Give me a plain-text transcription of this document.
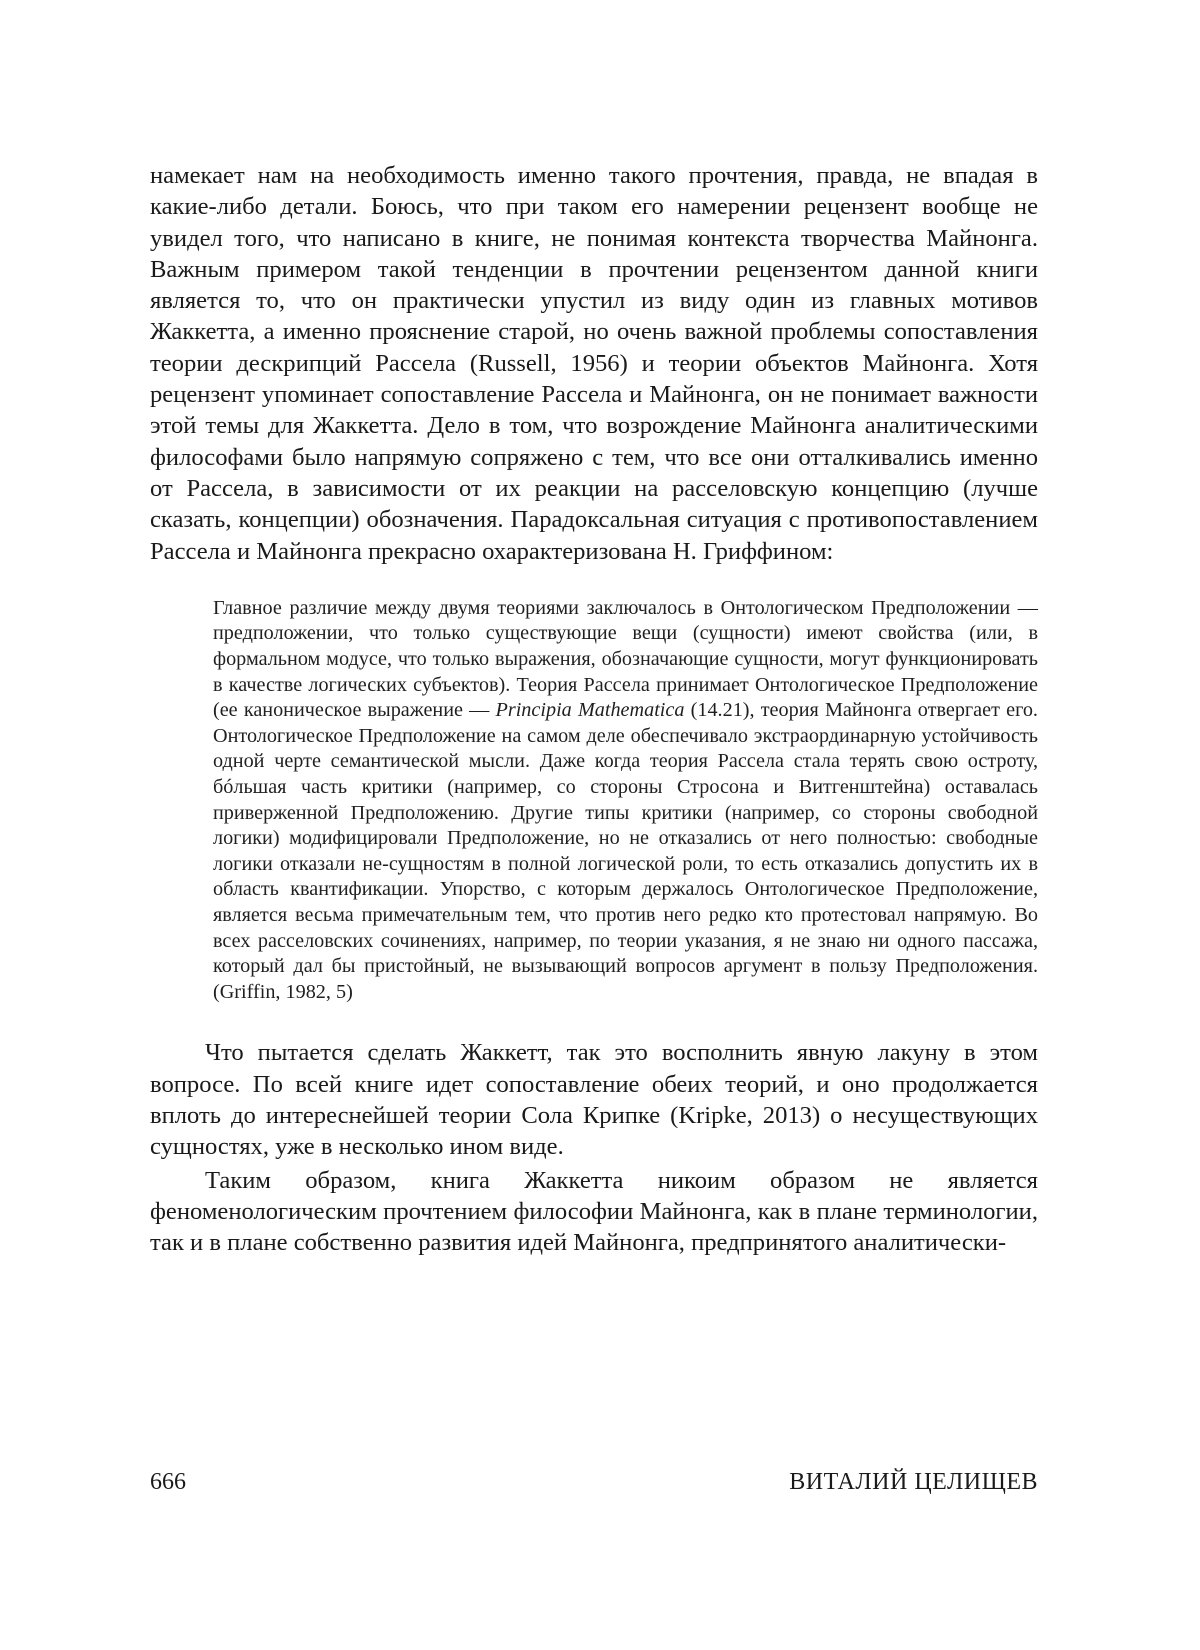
намекает нам на необходимость именно такого прочтения, правда, не впадая в какие-либо детали. Боюсь, что при таком его намерении рецензент вообще не увидел того, что написано в книге, не понимая контекста творчества Майнонга. Важным примером такой тенденции в прочтении рецензентом данной книги является то, что он практически упустил из виду один из главных мотивов Жаккетта, а именно прояснение старой, но очень важной проблемы сопоставления теории дескрипций Рассела (Russell, 1956) и теории объектов Майнонга. Хотя рецензент упоминает сопоставление Рассела и Майнонга, он не понимает важности этой темы для Жаккетта. Дело в том, что возрождение Майнонга аналитическими философами было напрямую сопряжено с тем, что все они отталкивались именно от Рассела, в зависимости от их реакции на расселовскую концепцию (лучше сказать, концепции) обозначения. Парадоксальная ситуация с противопоставлением Рассела и Майнонга прекрасно охарактеризована Н. Гриффином:

Главное различие между двумя теориями заключалось в Онтологическом Предположении — предположении, что только существующие вещи (сущности) имеют свойства (или, в формальном модусе, что только выражения, обозначающие сущности, могут функционировать в качестве логических субъектов). Теория Рассела принимает Онтологическое Предположение (ее каноническое выражение — Principia Mathematica (14.21), теория Майнонга отвергает его. Онтологическое Предположение на самом деле обеспечивало экстраординарную устойчивость одной черте семантической мысли. Даже когда теория Рассела стала терять свою остроту, бóльшая часть критики (например, со стороны Стросона и Витгенштейна) оставалась приверженной Предположению. Другие типы критики (например, со стороны свободной логики) модифицировали Предположение, но не отказались от него полностью: свободные логики отказали не-сущностям в полной логической роли, то есть отказались допустить их в область квантификации. Упорство, с которым держалось Онтологическое Предположение, является весьма примечательным тем, что против него редко кто протестовал напрямую. Во всех расселовских сочинениях, например, по теории указания, я не знаю ни одного пассажа, который дал бы пристойный, не вызывающий вопросов аргумент в пользу Предположения. (Griffin, 1982, 5)

Что пытается сделать Жаккетт, так это восполнить явную лакуну в этом вопросе. По всей книге идет сопоставление обеих теорий, и оно продолжается вплоть до интереснейшей теории Сола Крипке (Kripke, 2013) о несуществующих сущностях, уже в несколько ином виде.

Таким образом, книга Жаккетта никоим образом не является феноменологическим прочтением философии Майнонга, как в плане терминологии, так и в плане собственно развития идей Майнонга, предпринятого аналитически-

666	ВИТАЛИЙ ЦЕЛИЩЕВ
